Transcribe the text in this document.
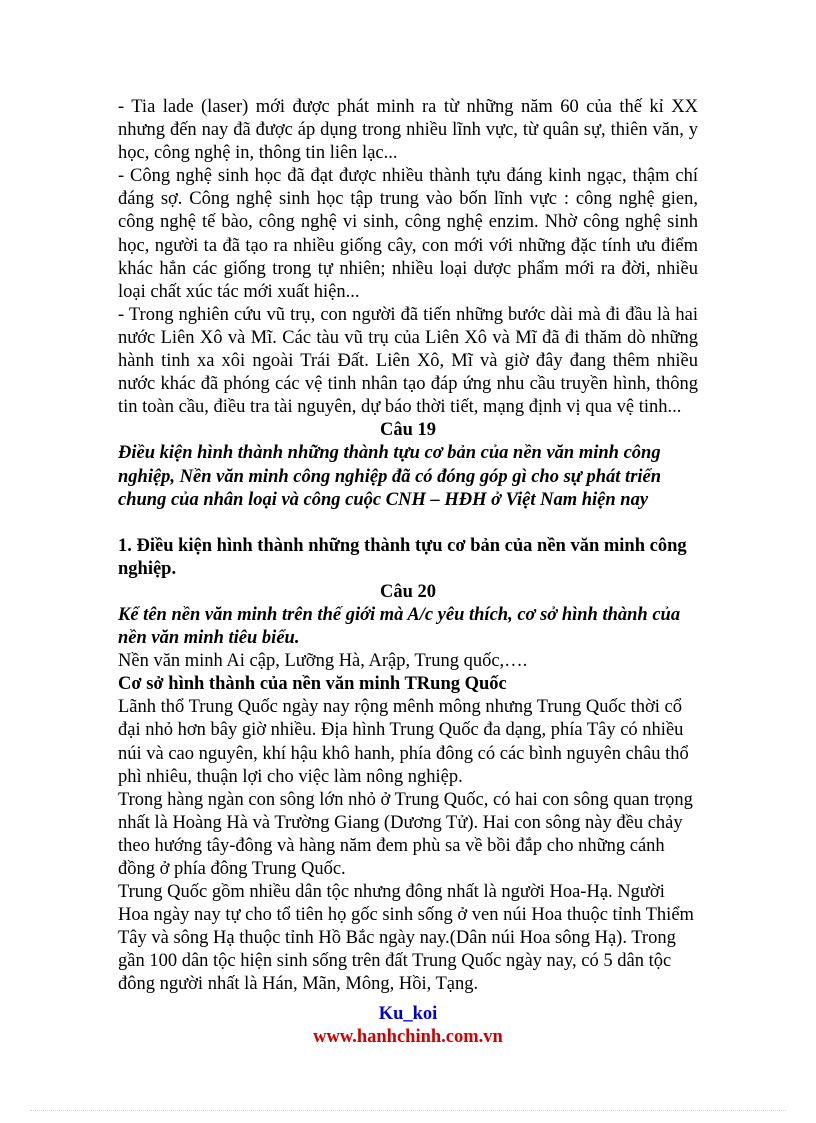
- Tia lade (laser) mới được phát minh ra từ những năm 60 của thế kỉ XX nhưng đến nay đã được áp dụng trong nhiều lĩnh vực, từ quân sự, thiên văn, y học, công nghệ in, thông tin liên lạc...

- Công nghệ sinh học đã đạt được nhiều thành tựu đáng kinh ngạc, thậm chí đáng sợ. Công nghệ sinh học tập trung vào bốn lĩnh vực : công nghệ gien, công nghệ tế bào, công nghệ vi sinh, công nghệ enzim. Nhờ công nghệ sinh học, người ta đã tạo ra nhiều giống cây, con mới với những đặc tính ưu điểm khác hẳn các giống trong tự nhiên; nhiều loại dược phẩm mới ra đời, nhiều loại chất xúc tác mới xuất hiện...

- Trong nghiên cứu vũ trụ, con người đã tiến những bước dài mà đi đầu là hai nước Liên Xô và Mĩ. Các tàu vũ trụ của Liên Xô và Mĩ đã đi thăm dò những hành tinh xa xôi ngoài Trái Đất. Liên Xô, Mĩ và giờ đây đang thêm nhiều nước khác đã phóng các vệ tinh nhân tạo đáp ứng nhu cầu truyền hình, thông tin toàn cầu, điều tra tài nguyên, dự báo thời tiết, mạng định vị qua vệ tinh...

Câu 19

Điều kiện hình thành những thành tựu cơ bản của nền văn minh công nghiệp, Nền văn minh công nghiệp đã có đóng góp gì cho sự phát triển chung của nhân loại và công cuộc CNH – HĐH ở Việt Nam hiện nay

1. Điều kiện hình thành những thành tựu cơ bản của nền văn minh công nghiệp.

Câu 20

Kể tên nền văn minh trên thế giới mà A/c yêu thích, cơ sở hình thành của nền văn minh tiêu biểu.

Nền văn minh Ai cập, Lưỡng Hà, Arập, Trung quốc,….

Cơ sở hình thành của nền văn minh TRung Quốc

Lãnh thổ Trung Quốc ngày nay rộng mênh mông nhưng Trung Quốc thời cổ đại nhỏ hơn bây giờ nhiều. Địa hình Trung Quốc đa dạng, phía Tây có nhiều núi và cao nguyên, khí hậu khô hanh, phía đông có các bình nguyên châu thổ phì nhiêu, thuận lợi cho việc làm nông nghiệp.

Trong hàng ngàn con sông lớn nhỏ ở Trung Quốc, có hai con sông quan trọng nhất là Hoàng Hà và Trường Giang (Dương Tử). Hai con sông này đều chảy theo hướng tây-đông và hàng năm đem phù sa về bồi đắp cho những cánh đồng ở phía đông Trung Quốc.

Trung Quốc gồm nhiều dân tộc nhưng đông nhất là người Hoa-Hạ. Người Hoa ngày nay tự cho tổ tiên họ gốc sinh sống ở ven núi Hoa thuộc tỉnh Thiểm Tây và sông Hạ thuộc tỉnh Hồ Bắc ngày nay.(Dân núi Hoa sông Hạ). Trong gần 100 dân tộc hiện sinh sống trên đất Trung Quốc ngày nay, có 5 dân tộc đông người nhất là Hán, Mãn, Mông, Hồi, Tạng.

Ku_koi

www.hanhchinh.com.vn
